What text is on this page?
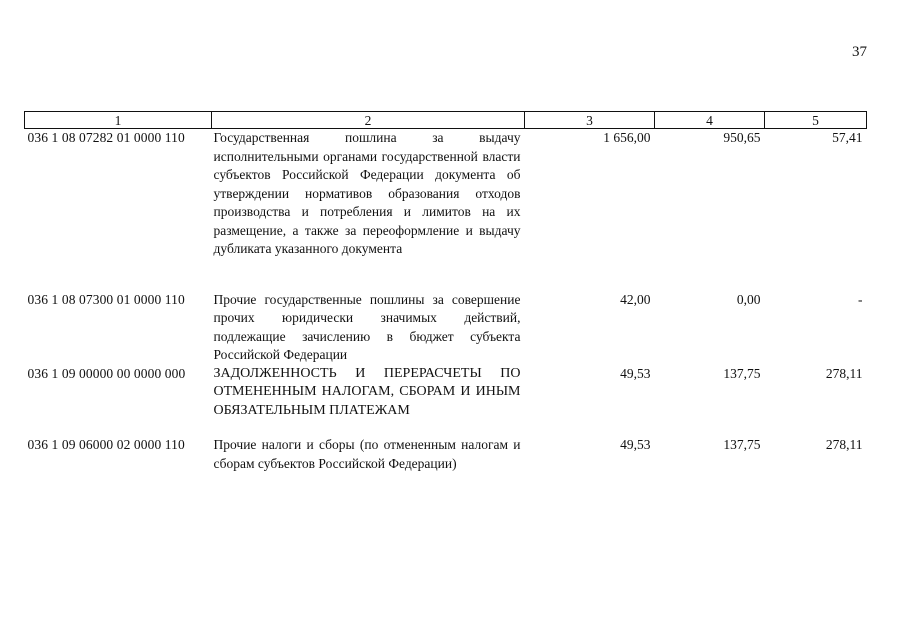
37
1	2	3	4	5
036 1 08 07282 01 0000 110	Государственная пошлина за выдачу исполнительными органами государственной власти субъектов Российской Федерации документа об утверждении нормативов образования отходов производства и потребления и лимитов на их размещение, а также за переоформление и выдачу дубликата указанного документа	1 656,00	950,65	57,41

036 1 08 07300 01 0000 110	Прочие государственные пошлины за совершение прочих юридически значимых действий, подлежащие зачислению в бюджет субъекта Российской Федерации	42,00	0,00	-
036 1 09 00000 00 0000 000	ЗАДОЛЖЕННОСТЬ И ПЕРЕРАСЧЕТЫ ПО ОТМЕНЕННЫМ НАЛОГАМ, СБОРАМ И ИНЫМ ОБЯЗАТЕЛЬНЫМ ПЛАТЕЖАМ	49,53	137,75	278,11

036 1 09 06000 02 0000 110	Прочие налоги и сборы (по отмененным налогам и сборам субъектов Российской Федерации)	49,53	137,75	278,11
